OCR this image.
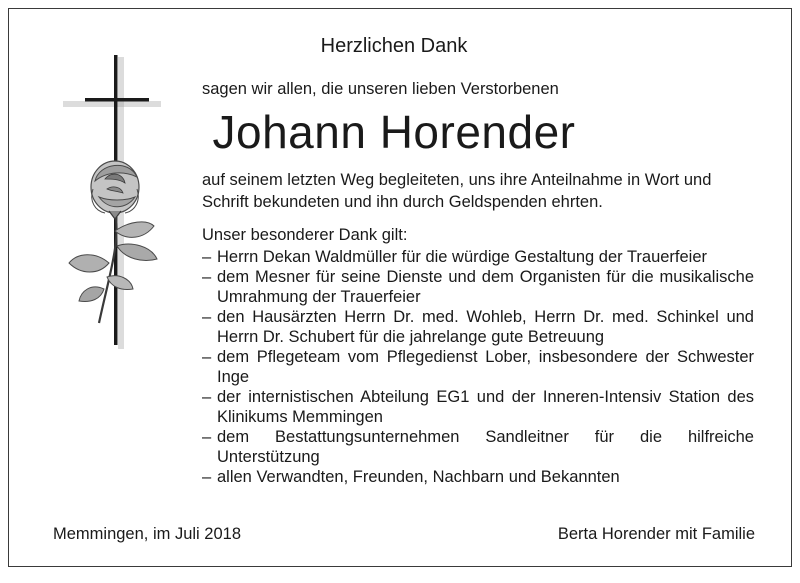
Herzlichen Dank

sagen wir allen, die unseren lieben Verstorbenen

Johann Horender

auf seinem letzten Weg begleiteten, uns ihre Anteilnahme in Wort und Schrift bekundeten und ihn durch Geldspenden ehrten.

Unser besonderer Dank gilt:

– Herrn Dekan Waldmüller für die würdige Gestaltung der Trauerfeier
– dem Mesner für seine Dienste und dem Organisten für die musikalische Umrahmung der Trauerfeier
– den Hausärzten Herrn Dr. med. Wohleb, Herrn Dr. med. Schinkel und Herrn Dr. Schubert für die jahrelange gute Betreuung
– dem Pflegeteam vom Pflegedienst Lober, insbesondere der Schwester Inge
– der internistischen Abteilung EG1 und der Inneren-Intensiv Station des Klinikums Memmingen
– dem Bestattungsunternehmen Sandleitner für die hilfreiche Unterstützung
– allen Verwandten, Freunden, Nachbarn und Bekannten

Memmingen, im Juli 2018	Berta Horender mit Familie
